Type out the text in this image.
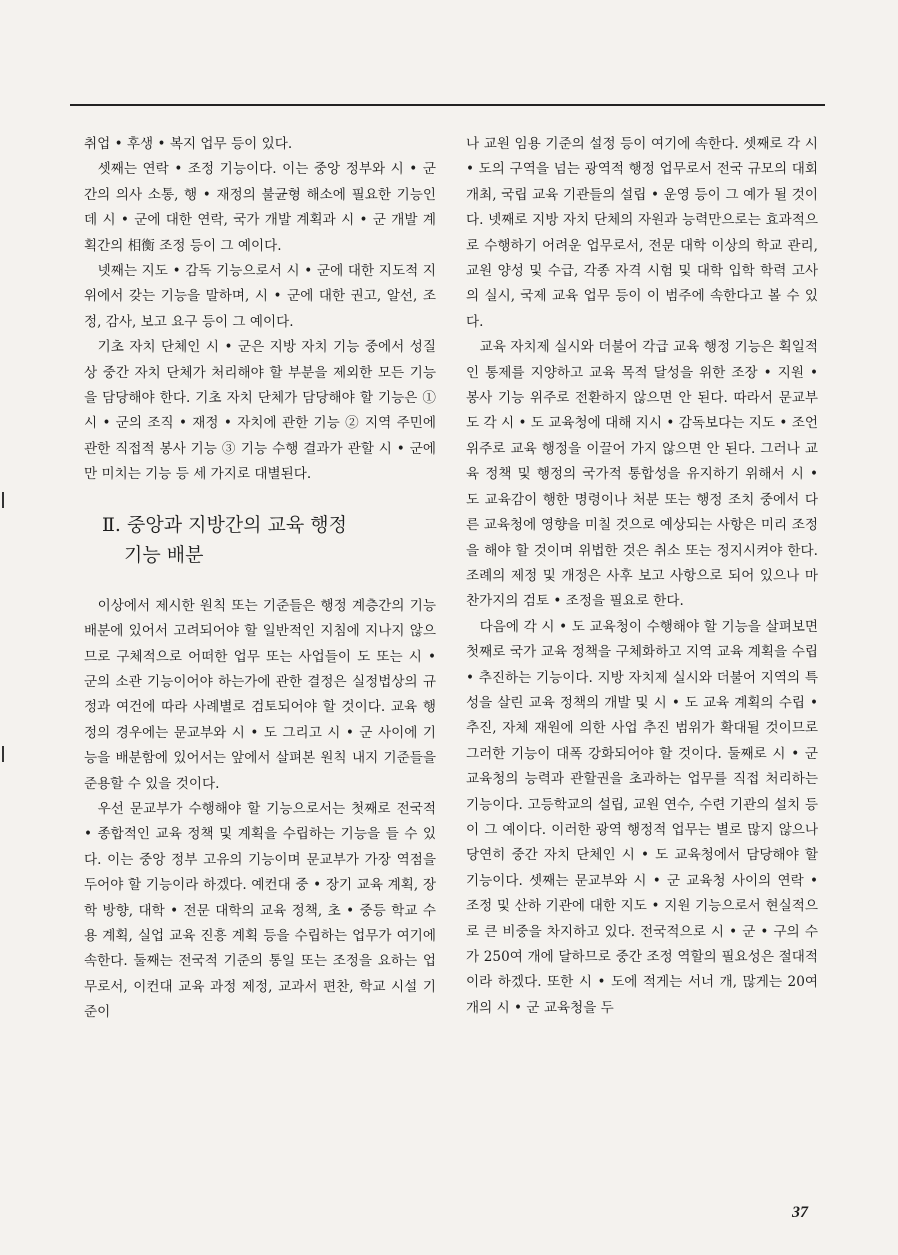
취업 • 후생 • 복지 업무 등이 있다.

셋째는 연락 • 조정 기능이다. 이는 중앙 정부와 시 • 군간의 의사 소통, 행 • 재정의 불균형 해소에 필요한 기능인데 시 • 군에 대한 연락, 국가 개발 계획과 시 • 군 개발 계획간의 相衡 조정 등이 그 예이다.

넷째는 지도 • 감독 기능으로서 시 • 군에 대한 지도적 지위에서 갖는 기능을 말하며, 시 • 군에 대한 권고, 알선, 조정, 감사, 보고 요구 등이 그 예이다.

기초 자치 단체인 시 • 군은 지방 자치 기능 중에서 성질상 중간 자치 단체가 처리해야 할 부분을 제외한 모든 기능을 담당해야 한다. 기초 자치 단체가 담당해야 할 기능은 ① 시 • 군의 조직 • 재정 • 자치에 관한 기능 ② 지역 주민에 관한 직접적 봉사 기능 ③ 기능 수행 결과가 관할 시 • 군에만 미치는 기능 등 세 가지로 대별된다.

Ⅱ. 중앙과 지방간의 교육 행정
기능 배분

이상에서 제시한 원칙 또는 기준들은 행정 계층간의 기능 배분에 있어서 고려되어야 할 일반적인 지침에 지나지 않으므로 구체적으로 어떠한 업무 또는 사업들이 도 또는 시 • 군의 소관 기능이어야 하는가에 관한 결정은 실정법상의 규정과 여건에 따라 사례별로 검토되어야 할 것이다. 교육 행정의 경우에는 문교부와 시 • 도 그리고 시 • 군 사이에 기능을 배분함에 있어서는 앞에서 살펴본 원칙 내지 기준들을 준용할 수 있을 것이다.

우선 문교부가 수행해야 할 기능으로서는 첫째로 전국적 • 종합적인 교육 정책 및 계획을 수립하는 기능을 들 수 있다. 이는 중앙 정부 고유의 기능이며 문교부가 가장 역점을 두어야 할 기능이라 하겠다. 예컨대 중 • 장기 교육 계획, 장학 방향, 대학 • 전문 대학의 교육 정책, 초 • 중등 학교 수용 계획, 실업 교육 진흥 계획 등을 수립하는 업무가 여기에 속한다. 둘째는 전국적 기준의 통일 또는 조정을 요하는 업무로서, 이컨대 교육 과정 제정, 교과서 편찬, 학교 시설 기준이

나 교원 임용 기준의 설정 등이 여기에 속한다. 셋째로 각 시 • 도의 구역을 넘는 광역적 행정 업무로서 전국 규모의 대회 개최, 국립 교육 기관들의 설립 • 운영 등이 그 예가 될 것이다. 넷째로 지방 자치 단체의 자원과 능력만으로는 효과적으로 수행하기 어려운 업무로서, 전문 대학 이상의 학교 관리, 교원 양성 및 수급, 각종 자격 시험 및 대학 입학 학력 고사의 실시, 국제 교육 업무 등이 이 범주에 속한다고 볼 수 있다.

교육 자치제 실시와 더불어 각급 교육 행정 기능은 획일적인 통제를 지양하고 교육 목적 달성을 위한 조장 • 지원 • 봉사 기능 위주로 전환하지 않으면 안 된다. 따라서 문교부도 각 시 • 도 교육청에 대해 지시 • 감독보다는 지도 • 조언 위주로 교육 행정을 이끌어 가지 않으면 안 된다. 그러나 교육 정책 및 행정의 국가적 통합성을 유지하기 위해서 시 • 도 교육감이 행한 명령이나 처분 또는 행정 조치 중에서 다른 교육청에 영향을 미칠 것으로 예상되는 사항은 미리 조정을 해야 할 것이며 위법한 것은 취소 또는 정지시켜야 한다. 조례의 제정 및 개정은 사후 보고 사항으로 되어 있으나 마찬가지의 검토 • 조정을 필요로 한다.

다음에 각 시 • 도 교육청이 수행해야 할 기능을 살펴보면 첫째로 국가 교육 정책을 구체화하고 지역 교육 계획을 수립 • 추진하는 기능이다. 지방 자치제 실시와 더불어 지역의 특성을 살린 교육 정책의 개발 및 시 • 도 교육 계획의 수립 • 추진, 자체 재원에 의한 사업 추진 범위가 확대될 것이므로 그러한 기능이 대폭 강화되어야 할 것이다. 둘째로 시 • 군 교육청의 능력과 관할권을 초과하는 업무를 직접 처리하는 기능이다. 고등학교의 설립, 교원 연수, 수련 기관의 설치 등이 그 예이다. 이러한 광역 행정적 업무는 별로 많지 않으나 당연히 중간 자치 단체인 시 • 도 교육청에서 담당해야 할 기능이다. 셋째는 문교부와 시 • 군 교육청 사이의 연락 • 조정 및 산하 기관에 대한 지도 • 지원 기능으로서 현실적으로 큰 비중을 차지하고 있다. 전국적으로 시 • 군 • 구의 수가 250여 개에 달하므로 중간 조정 역할의 필요성은 절대적이라 하겠다. 또한 시 • 도에 적게는 서너 개, 많게는 20여 개의 시 • 군 교육청을 두

37
